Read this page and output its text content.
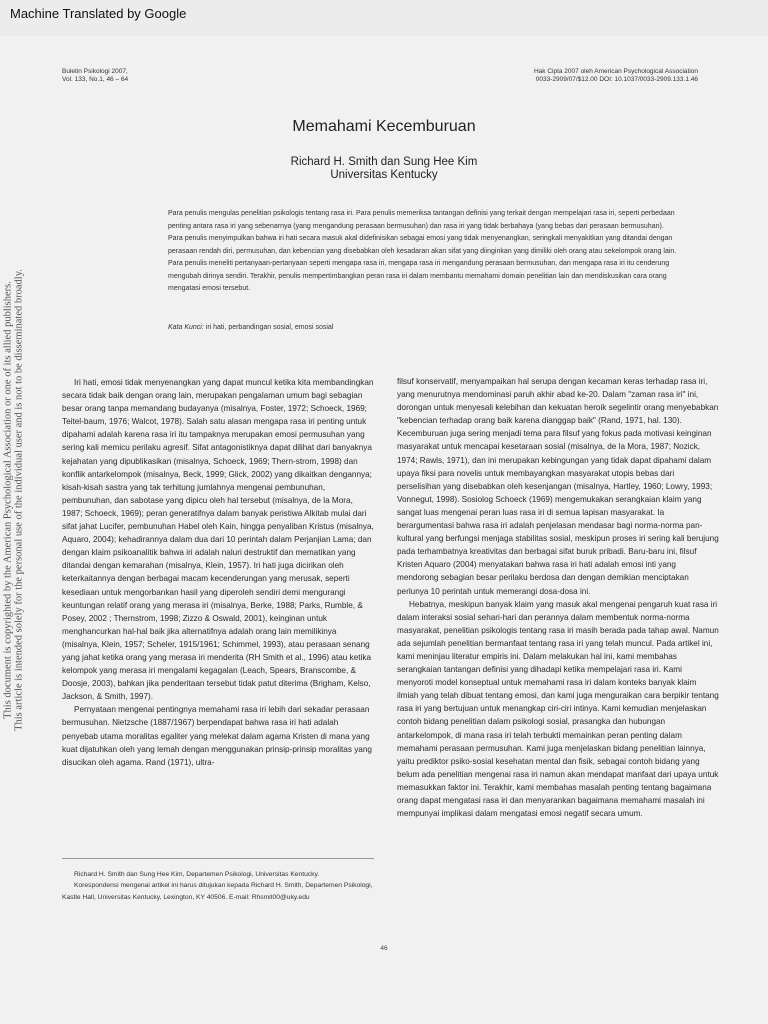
Machine Translated by Google
This document is copyrighted by the American Psychological Association or one of its allied publishers. This article is intended solely for the personal use of the individual user and is not to be disseminated broadly.
Buletin Psikologi 2007,
Vol. 133, No.1, 46 – 64
Hak Cipta 2007 oleh American Psychological Association
0033-2909/07/$12.00 DOI: 10.1037/0033-2909.133.1.46
Memahami Kecemburuan
Richard H. Smith dan Sung Hee Kim
Universitas Kentucky
Para penulis mengulas penelitian psikologis tentang rasa iri. Para penulis memeriksa tantangan definisi yang terkait dengan mempelajari rasa iri, seperti perbedaan penting antara rasa iri yang sebenarnya (yang mengandung perasaan bermusuhan) dan rasa iri yang tidak berbahaya (yang bebas dari perasaan bermusuhan). Para penulis menyimpulkan bahwa iri hati secara masuk akal didefinisikan sebagai emosi yang tidak menyenangkan, seringkali menyakitkan yang ditandai dengan perasaan rendah diri, permusuhan, dan kebencian yang disebabkan oleh kesadaran akan sifat yang diinginkan yang dimiliki oleh orang atau sekelompok orang lain. Para penulis meneliti pertanyaan-pertanyaan seperti mengapa rasa iri, mengapa rasa iri mengandung perasaan bermusuhan, dan mengapa rasa iri itu cenderung mengubah dirinya sendiri. Terakhir, penulis mempertimbangkan peran rasa iri dalam membantu memahami domain penelitian lain dan mendiskusikan cara orang mengatasi emosi tersebut.
Kata Kunci: iri hati, perbandingan sosial, emosi sosial

Iri hati, emosi tidak menyenangkan yang dapat muncul ketika kita membandingkan secara tidak baik dengan orang lain, merupakan pengalaman umum bagi sebagian besar orang tanpa memandang budayanya (misalnya, Foster, 1972; Schoeck, 1969; Teitel-baum, 1976; Walcot, 1978). Salah satu alasan mengapa rasa iri penting untuk dipahami adalah karena rasa iri itu tampaknya merupakan emosi permusuhan yang sering kali memicu perilaku agresif. Sifat antagonistiknya dapat dilihat dari banyaknya kejahatan yang dipublikasikan (misalnya, Schoeck, 1969; Thern-strom, 1998) dan konflik antarkelompok (misalnya, Beck, 1999; Glick, 2002) yang dikaitkan dengannya; kisah-kisah sastra yang tak terhitung jumlahnya mengenai pembunuhan, pembunuhan, dan sabotase yang dipicu oleh hal tersebut (misalnya, de la Mora, 1987; Schoeck, 1969); peran generatifnya dalam banyak peristiwa Alkitab mulai dari sifat jahat Lucifer, pembunuhan Habel oleh Kain, hingga penyaliban Kristus (misalnya, Aquaro, 2004); kehadirannya dalam dua dari 10 perintah dalam Perjanjian Lama; dan dengan klaim psikoanalitik bahwa iri adalah naluri destruktif dan mematikan yang ditandai dengan kemarahan (misalnya, Klein, 1957). Iri hati juga dicirikan oleh keterkaitannya dengan berbagai macam kecenderungan yang merusak, seperti kesediaan untuk mengorbankan hasil yang diperoleh sendiri demi mengurangi keuntungan relatif orang yang merasa iri (misalnya, Berke, 1988; Parks, Rumble, & Posey, 2002 ; Thernstrom, 1998; Zizzo & Oswald, 2001), keinginan untuk menghancurkan hal-hal baik jika alternatifnya adalah orang lain memilikinya (misalnya, Klein, 1957; Scheler, 1915/1961; Schimmel, 1993), atau perasaan senang yang jahat ketika orang yang merasa iri menderita (RH Smith et al., 1996) atau ketika kelompok yang merasa iri mengalami kegagalan (Leach, Spears, Branscombe, & Doosje, 2003), bahkan jika penderitaan tersebut tidak patut diterima (Brigham, Kelso, Jackson, & Smith, 1997).

Pernyataan mengenai pentingnya memahami rasa iri lebih dari sekadar perasaan bermusuhan. Nietzsche (1887/1967) berpendapat bahwa rasa iri hati adalah penyebab utama moralitas egaliter yang melekat dalam agama Kristen di mana yang kuat dijatuhkan oleh yang lemah dengan menggunakan prinsip-prinsip moralitas yang disucikan oleh agama. Rand (1971), ultra-

filsuf konservatif, menyampaikan hal serupa dengan kecaman keras terhadap rasa iri, yang menurutnya mendominasi paruh akhir abad ke-20. Dalam "zaman rasa iri" ini, dorongan untuk menyesali kelebihan dan kekuatan heroik segelintir orang menyebabkan "kebencian terhadap orang baik karena dianggap baik" (Rand, 1971, hal. 130). Kecemburuan juga sering menjadi tema para filsuf yang fokus pada motivasi keinginan masyarakat untuk mencapai kesetaraan sosial (misalnya, de la Mora, 1987; Nozick, 1974; Rawls, 1971), dan ini merupakan kebingungan yang tidak dapat dipahami dalam upaya fiksi para novelis untuk membayangkan masyarakat utopis bebas dari perselisihan yang disebabkan oleh kesenjangan (misalnya, Hartley, 1960; Lowry, 1993; Vonnegut, 1998). Sosiolog Schoeck (1969) mengemukakan serangkaian klaim yang sangat luas mengenai peran luas rasa iri di semua lapisan masyarakat. Ia berargumentasi bahwa rasa iri adalah penjelasan mendasar bagi norma-norma pan-kultural yang berfungsi menjaga stabilitas sosial, meskipun proses iri sering kali berujung pada terhambatnya kreativitas dan berbagai sifat buruk pribadi. Baru-baru ini, filsuf Kristen Aquaro (2004) menyatakan bahwa rasa iri hati adalah emosi inti yang mendorong sebagian besar perilaku berdosa dan dengan demikian menciptakan perlunya 10 perintah untuk memerangi dosa-dosa ini.

Hebatnya, meskipun banyak klaim yang masuk akal mengenai pengaruh kuat rasa iri dalam interaksi sosial sehari-hari dan perannya dalam membentuk norma-norma masyarakat, penelitian psikologis tentang rasa iri masih berada pada tahap awal. Namun ada sejumlah penelitian bermanfaat tentang rasa iri yang telah muncul. Pada artikel ini, kami meninjau literatur empiris ini. Dalam melakukan hal ini, kami membahas serangkaian tantangan definisi yang dihadapi ketika mempelajari rasa iri. Kami menyoroti model konseptual untuk memahami rasa iri dalam konteks banyak klaim ilmiah yang telah dibuat tentang emosi, dan kami juga menguraikan cara berpikir tentang rasa iri yang bertujuan untuk menangkap ciri-ciri intinya. Kami kemudian menjelaskan contoh bidang penelitian dalam psikologi sosial, prasangka dan hubungan antarkelompok, di mana rasa iri telah terbukti memainkan peran penting dalam memahami perasaan permusuhan. Kami juga menjelaskan bidang penelitian lainnya, yaitu prediktor psiko-sosial kesehatan mental dan fisik, sebagai contoh bidang yang belum ada penelitian mengenai rasa iri namun akan mendapat manfaat dari upaya untuk memasukkan faktor ini. Terakhir, kami membahas masalah penting tentang bagaimana orang dapat mengatasi rasa iri dan menyarankan bagaimana memahami masalah ini mempunyai implikasi dalam mengatasi emosi negatif secara umum.

Richard H. Smith dan Sung Hee Kim, Departemen Psikologi, Universitas Kentucky.

Korespondensi mengenai artikel ini harus ditujukan kepada Richard H. Smith, Departemen Psikologi, Kastle Hall, Universitas Kentucky, Lexington, KY 40506. E-mail: Rhsmit00@uky.edu

46
